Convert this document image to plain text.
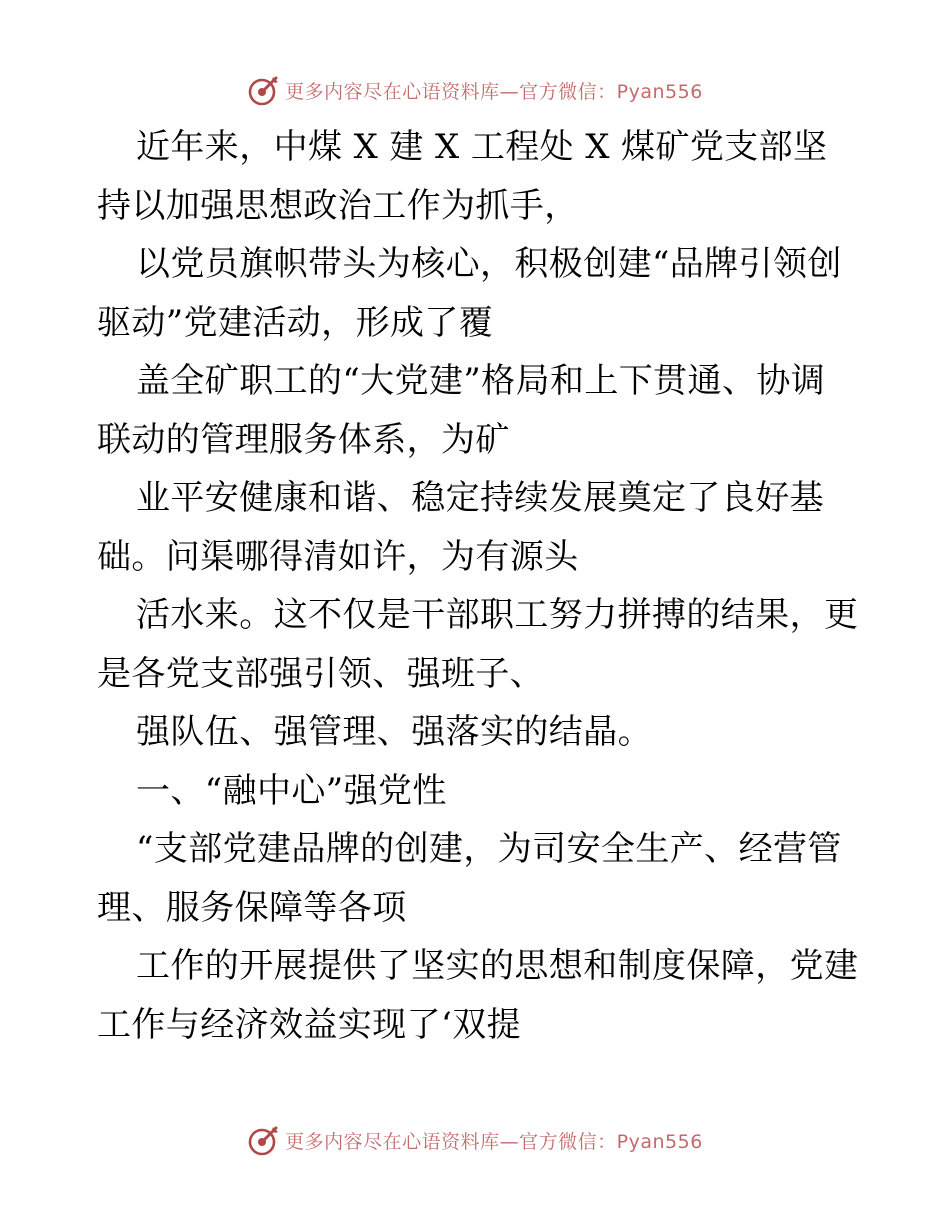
更多内容尽在心语资料库—官方微信：Pyan556
近年来，中煤 X 建 X 工程处 X 煤矿党支部坚
持以加强思想政治工作为抓手，
以党员旗帜带头为核心，积极创建“品牌引领创
驱动”党建活动，形成了覆
盖全矿职工的“大党建”格局和上下贯通、协调
联动的管理服务体系，为矿
业平安健康和谐、稳定持续发展奠定了良好基
础。问渠哪得清如许，为有源头
活水来。这不仅是干部职工努力拼搏的结果，更
是各党支部强引领、强班子、
强队伍、强管理、强落实的结晶。
一、“融中心”强党性
“支部党建品牌的创建，为司安全生产、经营管
理、服务保障等各项
工作的开展提供了坚实的思想和制度保障，党建
工作与经济效益实现了‘双提
更多内容尽在心语资料库—官方微信：Pyan556
